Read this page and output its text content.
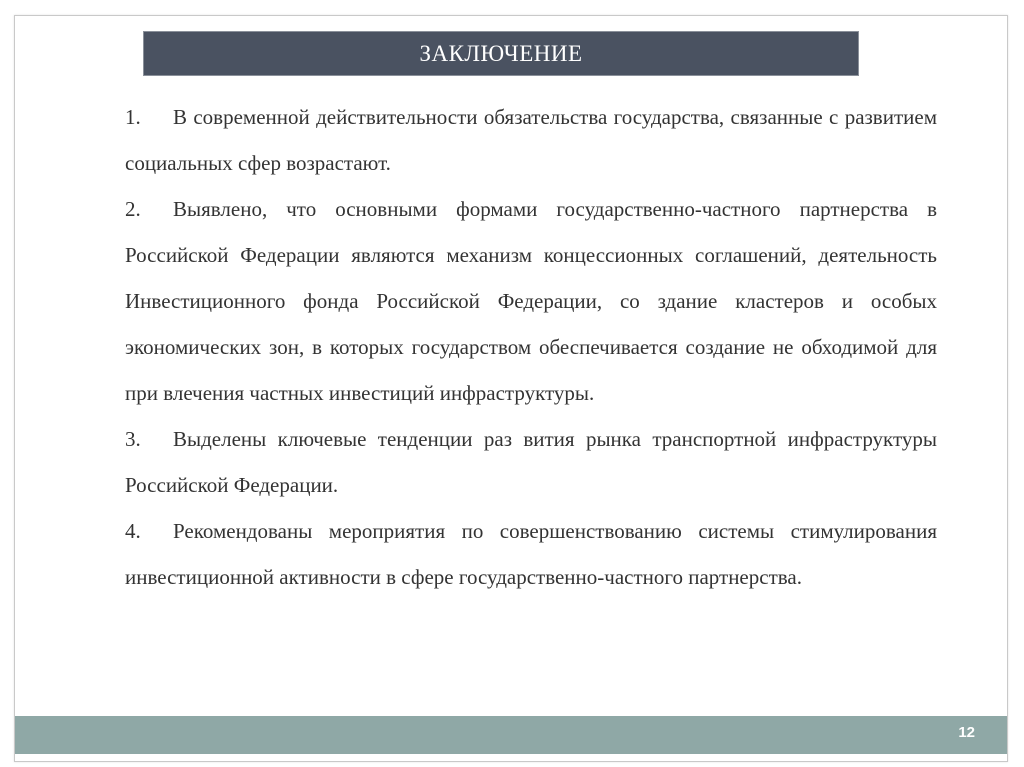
ЗАКЛЮЧЕНИЕ

1. В современной действительности обязательства государства, связанные с развитием социальных сфер возрастают.

2. Выявлено, что основными формами государственно-частного партнерства в Российской Федерации являются механизм концессионных соглашений, деятельность Инвестиционного фонда Российской Федерации, со здание кластеров и особых экономических зон, в которых государством обеспечивается создание не обходимой для при влечения частных инвестиций инфраструктуры.

3. Выделены ключевые тенденции раз вития рынка транспортной инфраструктуры Российской Федерации.

4. Рекомендованы мероприятия по совершенствованию системы стимулирования инвестиционной активности в сфере государственно-частного партнерства.

12
